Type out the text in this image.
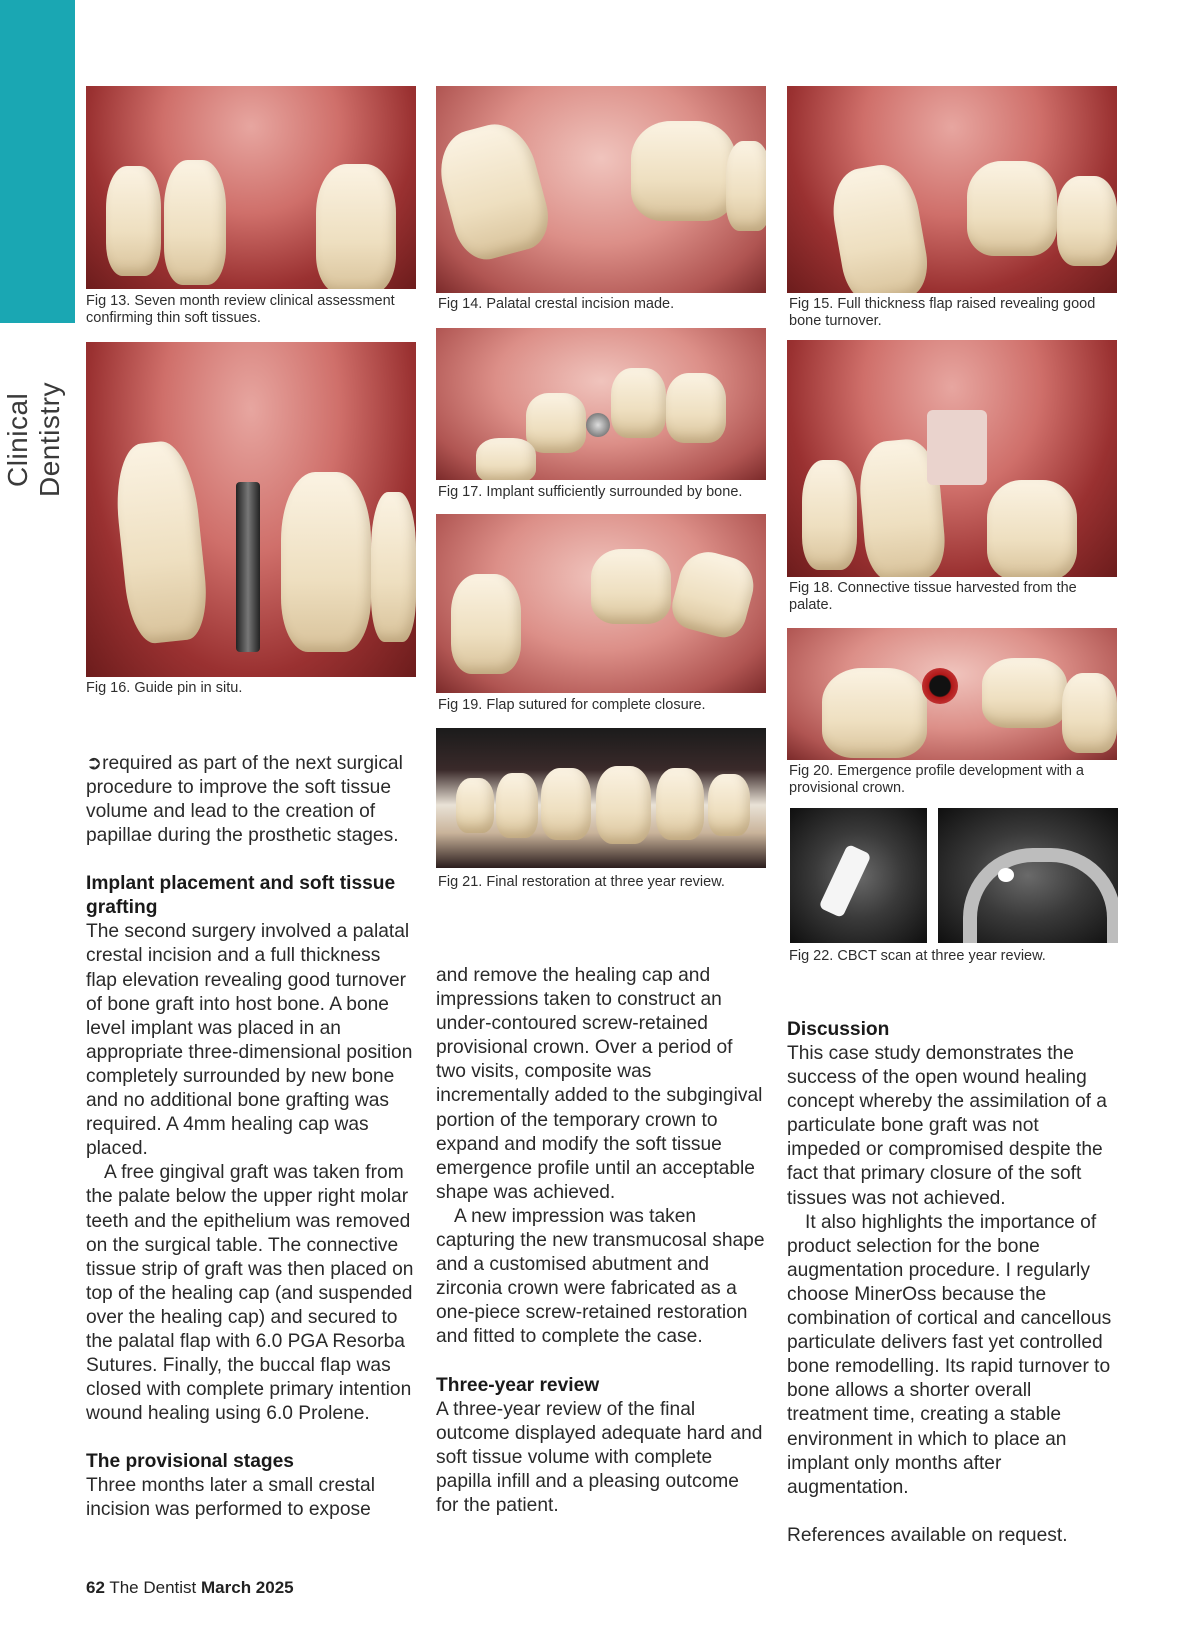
Clinical Dentistry
Fig 13. Seven month review clinical assessment confirming thin soft tissues.
Fig 14. Palatal crestal incision made.	Fig 15. Full thickness flap raised revealing good bone turnover.
Fig 16. Guide pin in situ.
Fig 17. Implant sufficiently surrounded by bone.
Fig 18. Connective tissue harvested from the palate.
Fig 19. Flap sutured for complete closure.
Fig 20. Emergence profile development with a provisional crown.
Fig 21. Final restoration at three year review.
Fig 22. CBCT scan at three year review.

➲required as part of the next surgical procedure to improve the soft tissue volume and lead to the creation of papillae during the prosthetic stages.

Implant placement and soft tissue grafting

The second surgery involved a palatal crestal incision and a full thickness flap elevation revealing good turnover of bone graft into host bone. A bone level implant was placed in an appropriate three-dimensional position completely surrounded by new bone and no additional bone grafting was required. A 4mm healing cap was placed.

A free gingival graft was taken from the palate below the upper right molar teeth and the epithelium was removed on the surgical table. The connective tissue strip of graft was then placed on top of the healing cap (and suspended over the healing cap) and secured to the palatal flap with 6.0 PGA Resorba Sutures. Finally, the buccal flap was closed with complete primary intention wound healing using 6.0 Prolene.

The provisional stages

Three months later a small crestal incision was performed to expose

and remove the healing cap and impressions taken to construct an under-contoured screw-retained provisional crown. Over a period of two visits, composite was incrementally added to the subgingival portion of the temporary crown to expand and modify the soft tissue emergence profile until an acceptable shape was achieved.

A new impression was taken capturing the new transmucosal shape and a customised abutment and zirconia crown were fabricated as a one-piece screw-retained restoration and fitted to complete the case.

Three-year review

A three-year review of the final outcome displayed adequate hard and soft tissue volume with complete papilla infill and a pleasing outcome for the patient.

Discussion

This case study demonstrates the success of the open wound healing concept whereby the assimilation of a particulate bone graft was not impeded or compromised despite the fact that primary closure of the soft tissues was not achieved.

It also highlights the importance of product selection for the bone augmentation procedure. I regularly choose MinerOss because the combination of cortical and cancellous particulate delivers fast yet controlled bone remodelling. Its rapid turnover to bone allows a shorter overall treatment time, creating a stable environment in which to place an implant only months after augmentation.

References available on request.

62 The Dentist March 2025
